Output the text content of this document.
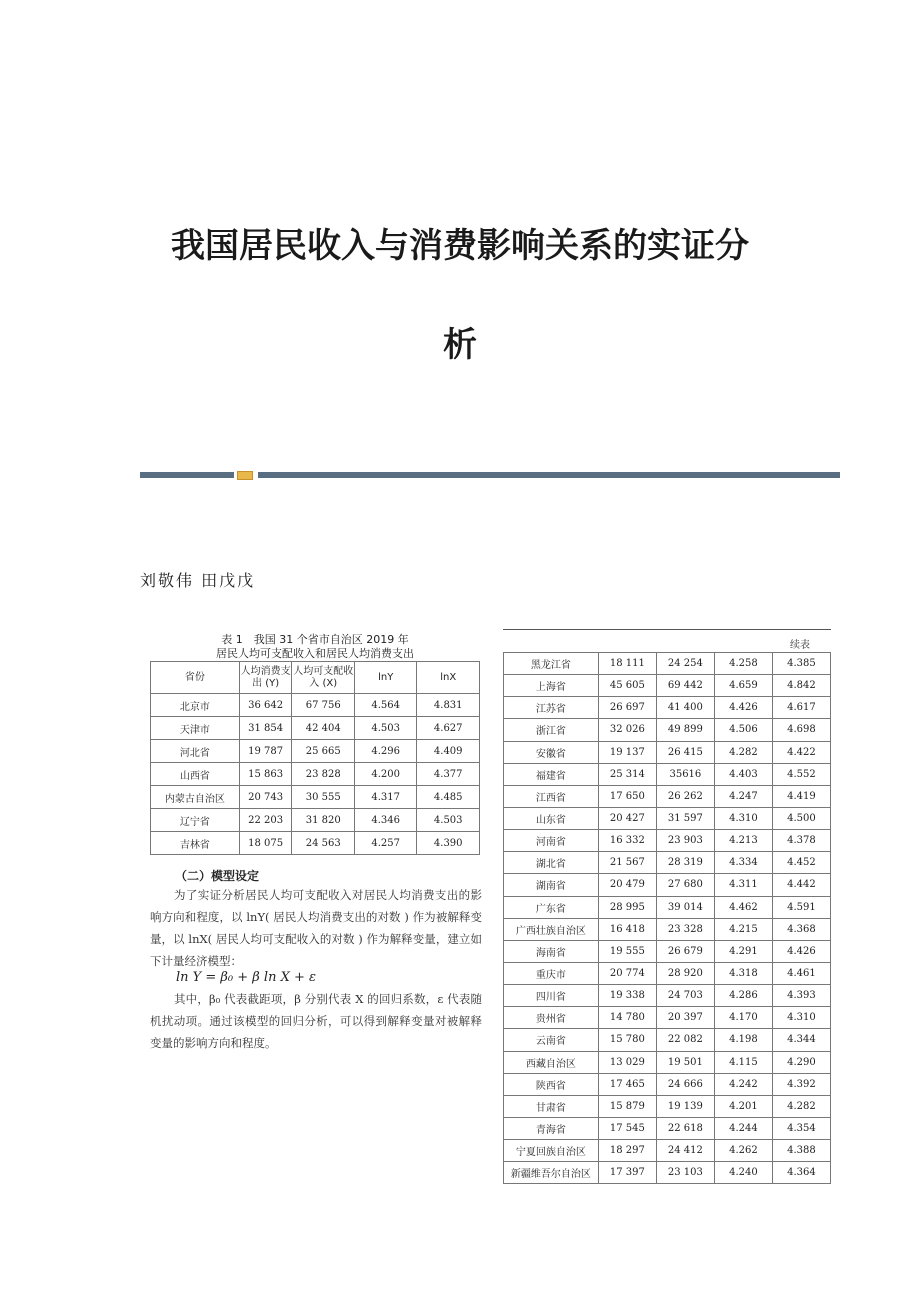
我国居民收入与消费影响关系的实证分
析
刘敬伟 田戊戊
表 1　我国 31 个省市自治区 2019 年
居民人均可支配收入和居民人均消费支出
省份	人均消费支出 (Y)	人均可支配收入 (X)	lnY	lnX
北京市	36 642	67 756	4.564	4.831
天津市	31 854	42 404	4.503	4.627
河北省	19 787	25 665	4.296	4.409
山西省	15 863	23 828	4.200	4.377
内蒙古自治区	20 743	30 555	4.317	4.485
辽宁省	22 203	31 820	4.346	4.503
吉林省	18 075	24 563	4.257	4.390
（二）模型设定
为了实证分析居民人均可支配收入对居民人均消费支出的影响方向和程度，以 lnY( 居民人均消费支出的对数 ) 作为被解释变量，以 lnX( 居民人均可支配收入的对数 ) 作为解释变量，建立如下计量经济模型：
ln Y = β₀ + β ln X + ε
其中，β₀ 代表截距项，β 分别代表 X 的回归系数，ε 代表随机扰动项。通过该模型的回归分析，可以得到解释变量对被解释变量的影响方向和程度。
续表
黑龙江省	18 111	24 254	4.258	4.385
上海省	45 605	69 442	4.659	4.842
江苏省	26 697	41 400	4.426	4.617
浙江省	32 026	49 899	4.506	4.698
安徽省	19 137	26 415	4.282	4.422
福建省	25 314	35616	4.403	4.552
江西省	17 650	26 262	4.247	4.419
山东省	20 427	31 597	4.310	4.500
河南省	16 332	23 903	4.213	4.378
湖北省	21 567	28 319	4.334	4.452
湖南省	20 479	27 680	4.311	4.442
广东省	28 995	39 014	4.462	4.591
广西壮族自治区	16 418	23 328	4.215	4.368
海南省	19 555	26 679	4.291	4.426
重庆市	20 774	28 920	4.318	4.461
四川省	19 338	24 703	4.286	4.393
贵州省	14 780	20 397	4.170	4.310
云南省	15 780	22 082	4.198	4.344
西藏自治区	13 029	19 501	4.115	4.290
陕西省	17 465	24 666	4.242	4.392
甘肃省	15 879	19 139	4.201	4.282
青海省	17 545	22 618	4.244	4.354
宁夏回族自治区	18 297	24 412	4.262	4.388
新疆维吾尔自治区	17 397	23 103	4.240	4.364
